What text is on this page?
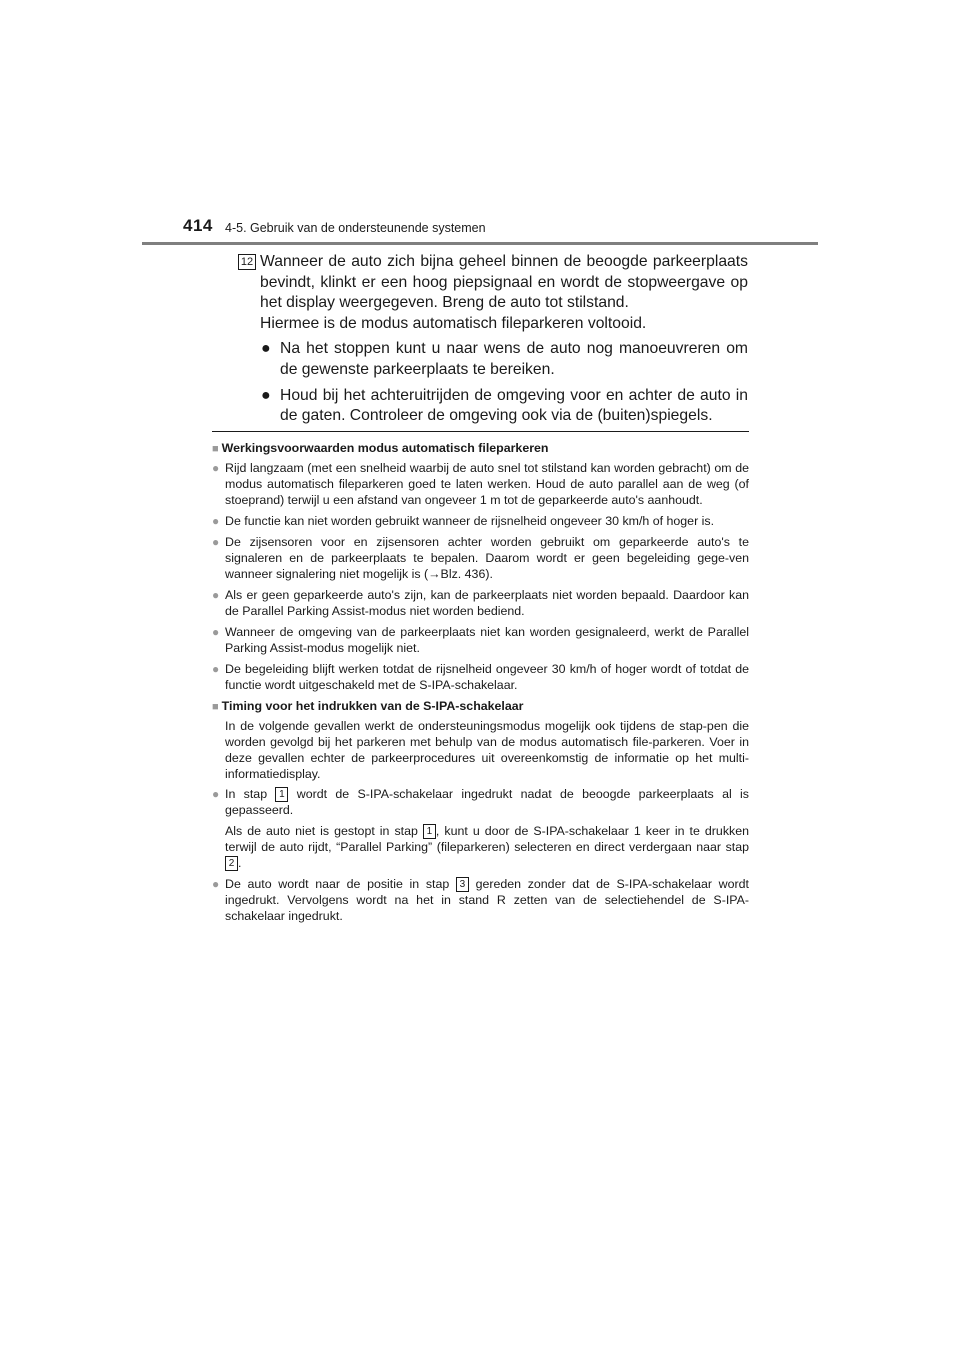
414 4-5. Gebruik van de ondersteunende systemen
12 Wanneer de auto zich bijna geheel binnen de beoogde parkeerplaats bevindt, klinkt er een hoog piepsignaal en wordt de stopweergave op het display weergegeven. Breng de auto tot stilstand.

Hiermee is de modus automatisch fileparkeren voltooid.

● Na het stoppen kunt u naar wens de auto nog manoeuvreren om de gewenste parkeerplaats te bereiken.
● Houd bij het achteruitrijden de omgeving voor en achter de auto in de gaten. Controleer de omgeving ook via de (buiten)spiegels.
■ Werkingsvoorwaarden modus automatisch fileparkeren
● Rijd langzaam (met een snelheid waarbij de auto snel tot stilstand kan worden gebracht) om de modus automatisch fileparkeren goed te laten werken. Houd de auto parallel aan de weg (of stoeprand) terwijl u een afstand van ongeveer 1 m tot de geparkeerde auto's aanhoudt.
● De functie kan niet worden gebruikt wanneer de rijsnelheid ongeveer 30 km/h of hoger is.
● De zijsensoren voor en zijsensoren achter worden gebruikt om geparkeerde auto's te signaleren en de parkeerplaats te bepalen. Daarom wordt er geen begeleiding gege-ven wanneer signalering niet mogelijk is (→Blz. 436).
● Als er geen geparkeerde auto's zijn, kan de parkeerplaats niet worden bepaald. Daardoor kan de Parallel Parking Assist-modus niet worden bediend.
● Wanneer de omgeving van de parkeerplaats niet kan worden gesignaleerd, werkt de Parallel Parking Assist-modus mogelijk niet.
● De begeleiding blijft werken totdat de rijsnelheid ongeveer 30 km/h of hoger wordt of totdat de functie wordt uitgeschakeld met de S-IPA-schakelaar.
■ Timing voor het indrukken van de S-IPA-schakelaar
In de volgende gevallen werkt de ondersteuningsmodus mogelijk ook tijdens de stap-pen die worden gevolgd bij het parkeren met behulp van de modus automatisch file-parkeren. Voer in deze gevallen echter de parkeerprocedures uit overeenkomstig de informatie op het multi-informatiedisplay.
● In stap 1 wordt de S-IPA-schakelaar ingedrukt nadat de beoogde parkeerplaats al is gepasseerd.
Als de auto niet is gestopt in stap 1 , kunt u door de S-IPA-schakelaar 1 keer in te drukken terwijl de auto rijdt, “Parallel Parking” (fileparkeren) selecteren en direct verdergaan naar stap 2 .
● De auto wordt naar de positie in stap 3 gereden zonder dat de S-IPA-schakelaar wordt ingedrukt. Vervolgens wordt na het in stand R zetten van de selectiehendel de S-IPA-schakelaar ingedrukt.
